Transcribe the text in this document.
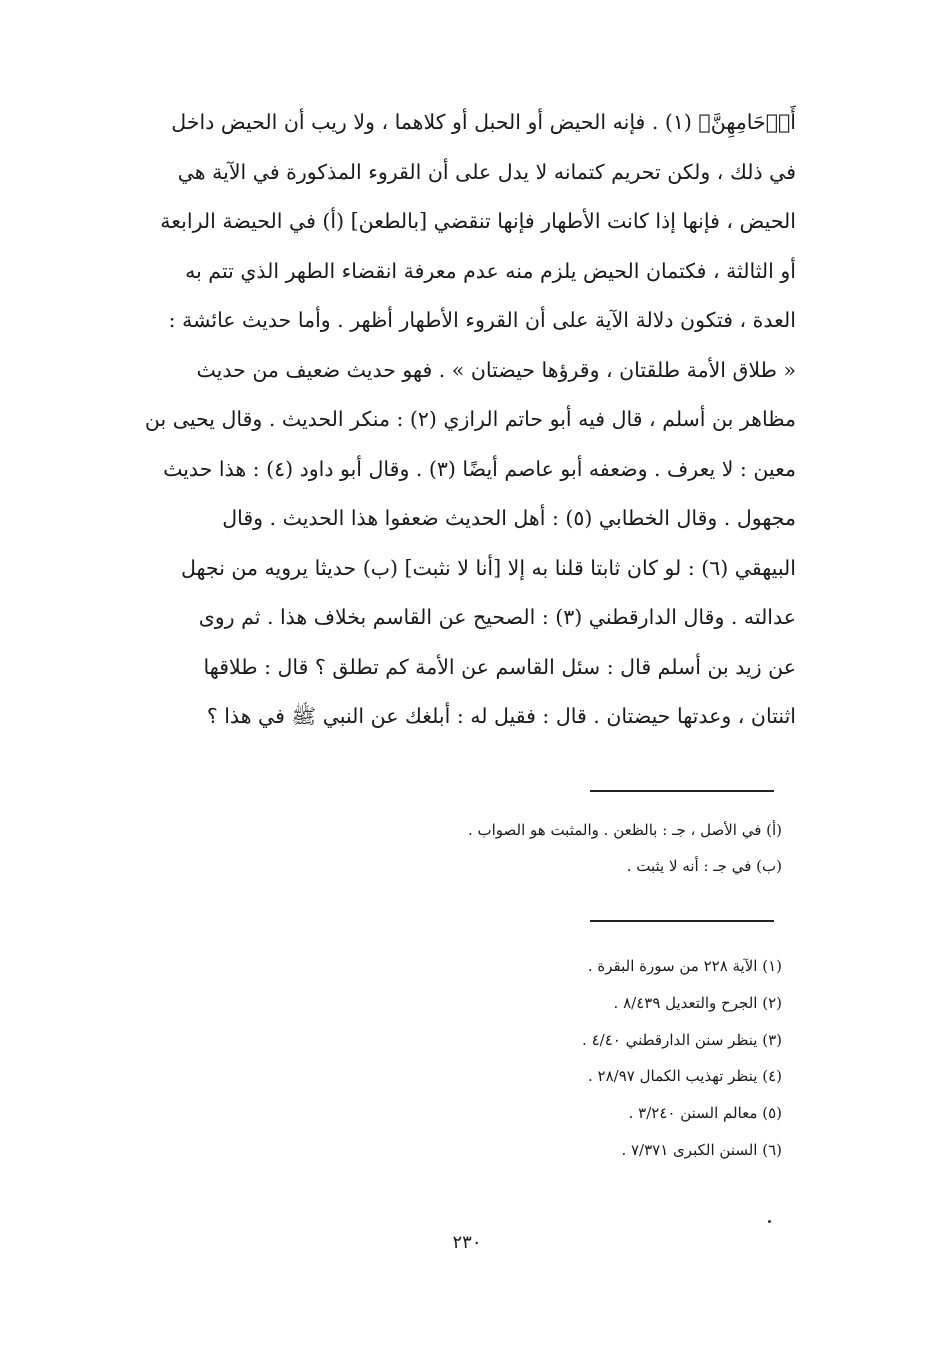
أَرۡحَامِهِنَّ﴾ (١) . فإنه الحيض أو الحبل أو كلاهما ، ولا ريب أن الحيض داخل
في ذلك ، ولكن تحريم كتمانه لا يدل على أن القروء المذكورة في الآية هي
الحيض ، فإنها إذا كانت الأطهار فإنها تنقضي [بالطعن] (أ) في الحيضة الرابعة
أو الثالثة ، فكتمان الحيض يلزم منه عدم معرفة انقضاء الطهر الذي تتم به
العدة ، فتكون دلالة الآية على أن القروء الأطهار أظهر . وأما حديث عائشة :
« طلاق الأمة طلقتان ، وقرؤها حيضتان » . فهو حديث ضعيف من حديث
مظاهر بن أسلم ، قال فيه أبو حاتم الرازي (٢) : منكر الحديث . وقال يحيى بن
معين : لا يعرف . وضعفه أبو عاصم أيضًا (٣) . وقال أبو داود (٤) : هذا حديث
مجهول . وقال الخطابي (٥) : أهل الحديث ضعفوا هذا الحديث . وقال
البيهقي (٦) : لو كان ثابتا قلنا به إلا [أنا لا نثبت] (ب) حديثا يرويه من نجهل
عدالته . وقال الدارقطني (٣) : الصحيح عن القاسم بخلاف هذا . ثم روى
عن زيد بن أسلم قال : سئل القاسم عن الأمة كم تطلق ؟ قال : طلاقها
اثنتان ، وعدتها حيضتان . قال : فقيل له : أبلغك عن النبي ﷺ في هذا ؟
(أ) في الأصل ، جـ : بالظعن . والمثبت هو الصواب .
(ب) في جـ : أنه لا يثبت .
(١) الآية ٢٢٨ من سورة البقرة .
(٢) الجرح والتعديل ٨/٤٣٩ .
(٣) ينظر سنن الدارقطني ٤/٤٠ .
(٤) ينظر تهذيب الكمال ٢٨/٩٧ .
(٥) معالم السنن ٣/٢٤٠ .
(٦) السنن الكبرى ٧/٣٧١ .
٢٣٠
